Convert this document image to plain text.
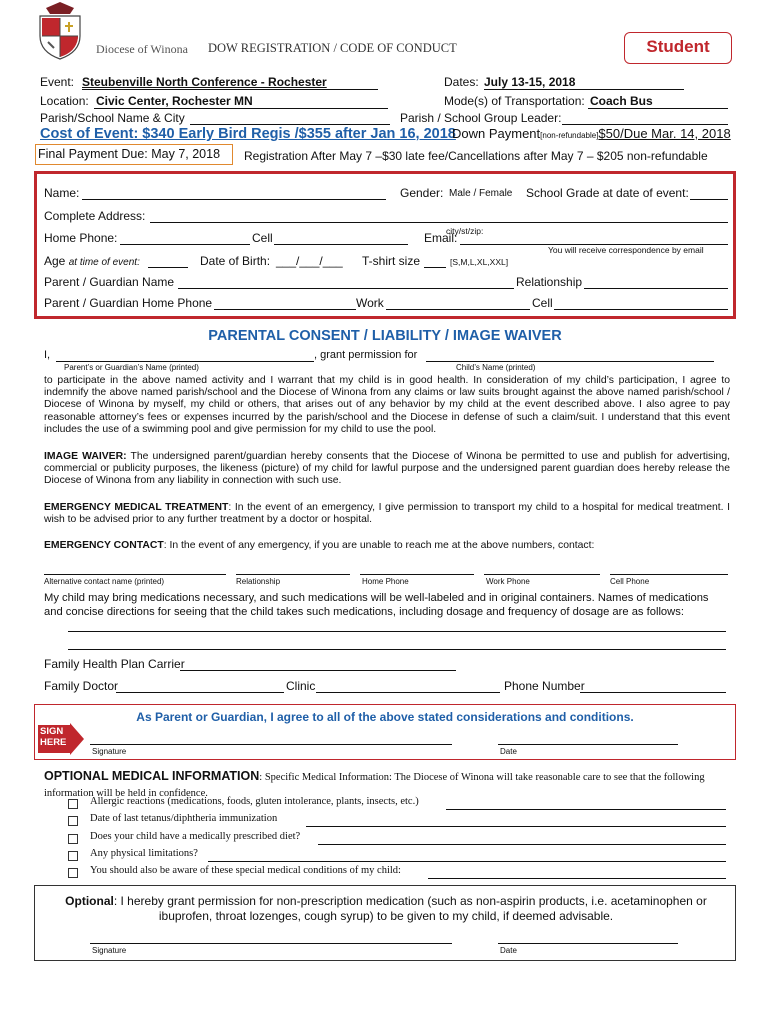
Diocese of Winona DOW REGISTRATION / CODE OF CONDUCT	Student
Event: Steubenville North Conference - Rochester	Dates: July 13-15, 2018
Location: Civic Center, Rochester MN	Mode(s) of Transportation: Coach Bus
Parish/School Name & City	Parish / School Group Leader:
Cost of Event: $340 Early Bird Regis /$355 after Jan 16, 2018
Down Payment[non-refundable]$50/Due Mar. 14, 2018
Final Payment Due: May 7, 2018	Registration After May 7 –$30 late fee/Cancellations after May 7 – $205 non-refundable
Name:	Gender: Male / Female School Grade at date of event:
Complete Address:
city/st/zip:
Home Phone:	Cell	Email:
You will receive correspondence by email
Age at time of event:	Date of Birth: ___/___/___ T-shirt size	[S,M,L,XL,XXL]
Parent / Guardian Name	Relationship
Parent / Guardian Home Phone	Work	Cell
PARENTAL CONSENT / LIABILITY / IMAGE WAIVER
I,	, grant permission for
Parent’s or Guardian’s Name (printed)	Child’s Name (printed)
to participate in the above named activity and I warrant that my child is in good health. In consideration of my child’s participation, I agree to indemnify the above named parish/school and the Diocese of Winona from any claims or law suits brought against the above named parish/school / Diocese of Winona by myself, my child or others, that arises out of any behavior by my child at the event described above. I also agree to pay reasonable attorney’s fees or expenses incurred by the parish/school and the Diocese in defense of such a claim/suit. I understand that this event includes the use of a swimming pool and give permission for my child to use the pool.
IMAGE WAIVER: The undersigned parent/guardian hereby consents that the Diocese of Winona be permitted to use and publish for advertising, commercial or publicity purposes, the likeness (picture) of my child for lawful purpose and the undersigned parent guardian does hereby release the Diocese of Winona from any liability in connection with such use.
EMERGENCY MEDICAL TREATMENT: In the event of an emergency, I give permission to transport my child to a hospital for medical treatment. I wish to be advised prior to any further treatment by a doctor or hospital.
EMERGENCY CONTACT: In the event of any emergency, if you are unable to reach me at the above numbers, contact:
Alternative contact name (printed)	Relationship	Home Phone	Work Phone	Cell Phone
My child may bring medications necessary, and such medications will be well-labeled and in original containers. Names of medications and concise directions for seeing that the child takes such medications, including dosage and frequency of dosage are as follows:
Family Health Plan Carrier
Family Doctor	Clinic	Phone Number
As Parent or Guardian, I agree to all of the above stated considerations and conditions.
SIGN HERE
Signature	Date
OPTIONAL MEDICAL INFORMATION: Specific Medical Information: The Diocese of Winona will take reasonable care to see that the following information will be held in confidence.
Allergic reactions (medications, foods, gluten intolerance, plants, insects, etc.)
Date of last tetanus/diphtheria immunization
Does your child have a medically prescribed diet?
Any physical limitations?
You should also be aware of these special medical conditions of my child:
Optional: I hereby grant permission for non-prescription medication (such as non-aspirin products, i.e. acetaminophen or ibuprofen, throat lozenges, cough syrup) to be given to my child, if deemed advisable.
Signature	Date
